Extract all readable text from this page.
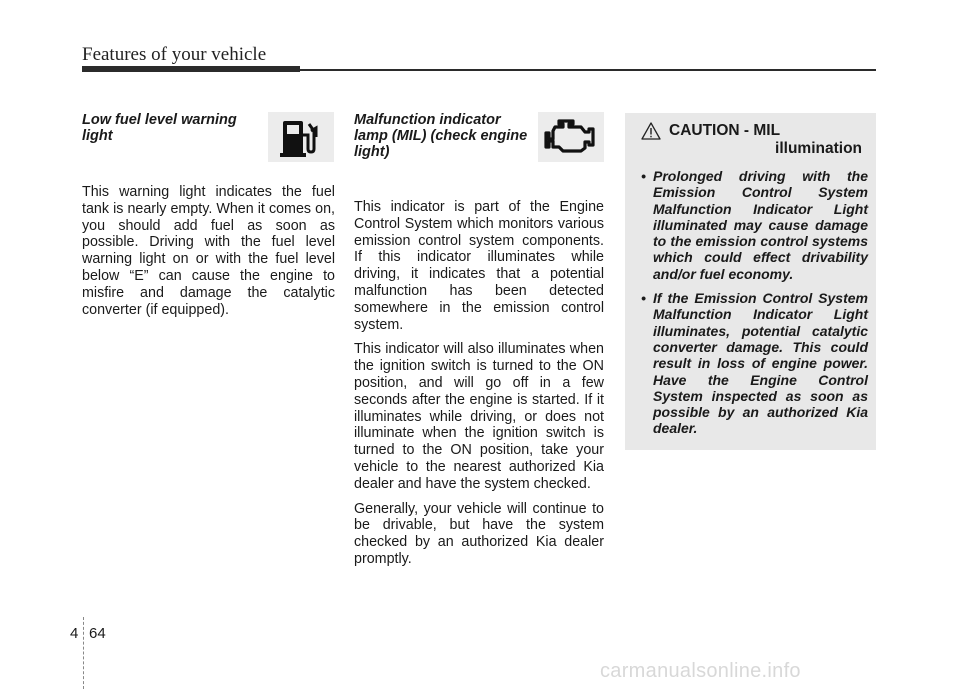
Features of your vehicle

Low fuel level warning light

This warning light indicates the fuel tank is nearly empty. When it comes on, you should add fuel as soon as possible. Driving with the fuel level warning light on or with the fuel level below “E” can cause the engine to misfire and damage the catalytic converter (if equipped).

Malfunction indicator lamp (MIL) (check engine light)

This indicator is part of the Engine Control System which monitors various emission control system components. If this indicator illuminates while driving, it indicates that a potential malfunction has been detected somewhere in the emission control system.

This indicator will also illuminates when the ignition switch is turned to the ON position, and will go off in a few seconds after the engine is started. If it illuminates while driving, or does not illuminate when the ignition switch is turned to the ON position, take your vehicle to the nearest authorized Kia dealer and have the system checked.

Generally, your vehicle will continue to be drivable, but have the system checked by an authorized Kia dealer promptly.

CAUTION - MIL
illumination
• Prolonged driving with the Emission Control System Malfunction Indicator Light illuminated may cause damage to the emission control systems which could effect drivability and/or fuel economy.
• If the Emission Control System Malfunction Indicator Light illuminates, potential catalytic converter damage. This could result in loss of engine power. Have the Engine Control System inspected as soon as possible by an authorized Kia dealer.
4 64
carmanualsonline.info
